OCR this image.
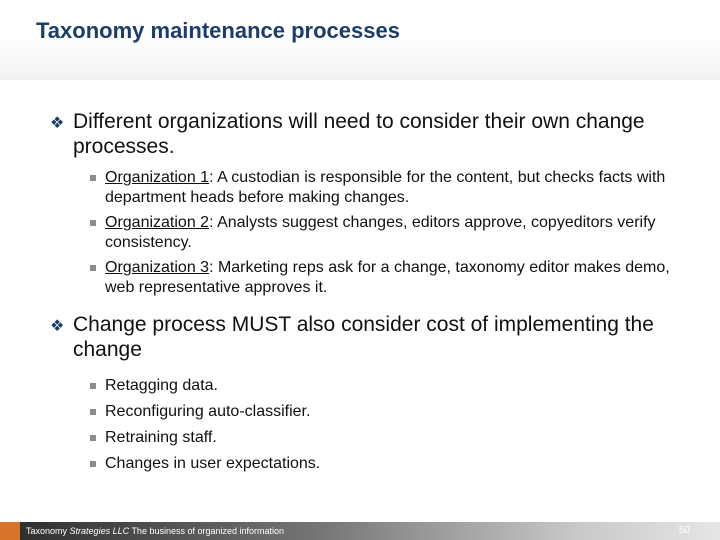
Taxonomy maintenance processes
❖ Different organizations will need to consider their own change processes.
Organization 1: A custodian is responsible for the content, but checks facts with department heads before making changes.
Organization 2: Analysts suggest changes, editors approve, copyeditors verify consistency.
Organization 3: Marketing reps ask for a change, taxonomy editor makes demo, web representative approves it.
❖ Change process MUST also consider cost of implementing the change
Retagging data.
Reconfiguring auto-classifier.
Retraining staff.
Changes in user expectations.
Taxonomy Strategies LLC The business of organized information	50
